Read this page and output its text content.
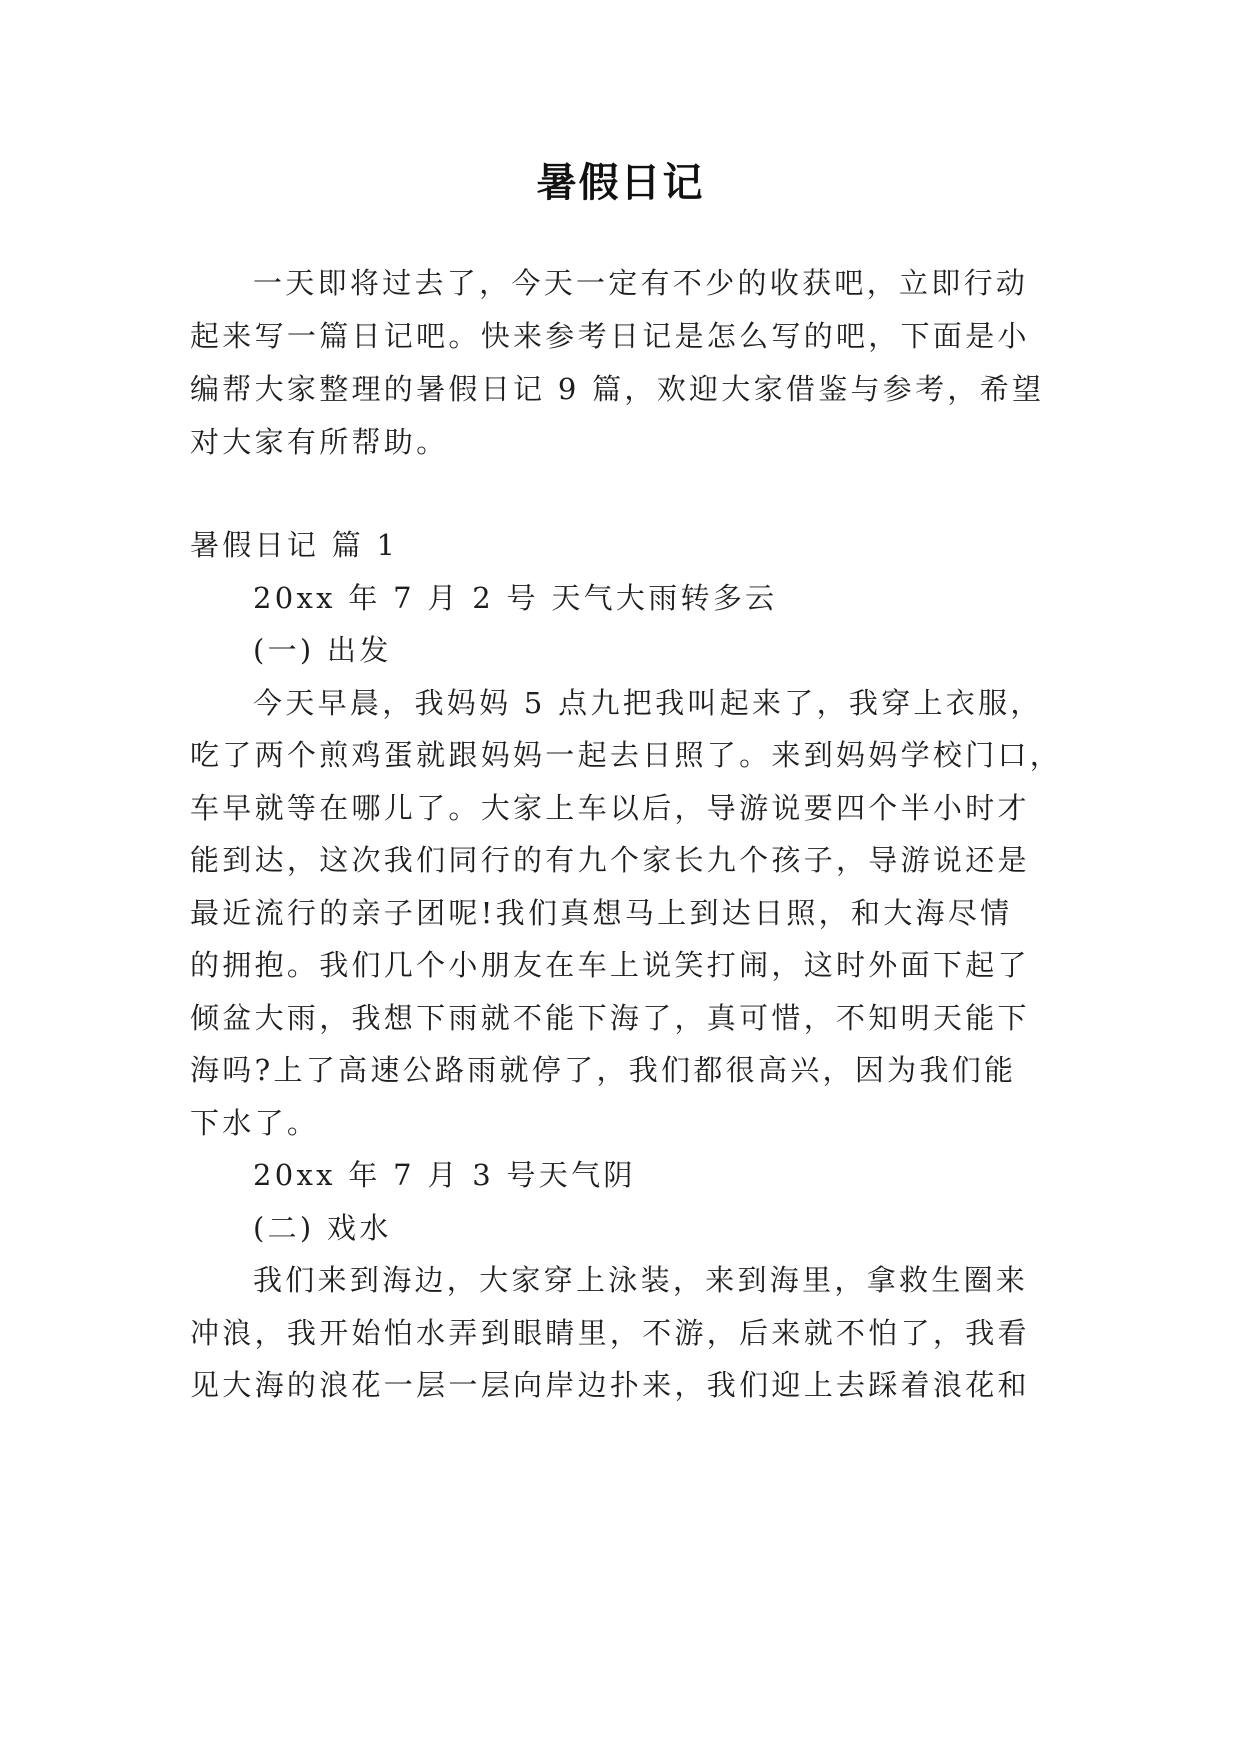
暑假日记
一天即将过去了，今天一定有不少的收获吧，立即行动
起来写一篇日记吧。快来参考日记是怎么写的吧，下面是小
编帮大家整理的暑假日记 9 篇，欢迎大家借鉴与参考，希望
对大家有所帮助。
暑假日记 篇 1
20xx 年 7 月 2 号 天气大雨转多云
(一) 出发
今天早晨，我妈妈 5 点九把我叫起来了，我穿上衣服，
吃了两个煎鸡蛋就跟妈妈一起去日照了。来到妈妈学校门口，
车早就等在哪儿了。大家上车以后，导游说要四个半小时才
能到达，这次我们同行的有九个家长九个孩子，导游说还是
最近流行的亲子团呢!我们真想马上到达日照，和大海尽情
的拥抱。我们几个小朋友在车上说笑打闹，这时外面下起了
倾盆大雨，我想下雨就不能下海了，真可惜，不知明天能下
海吗?上了高速公路雨就停了，我们都很高兴，因为我们能
下水了。
20xx 年 7 月 3 号天气阴
(二) 戏水
我们来到海边，大家穿上泳装，来到海里，拿救生圈来
冲浪，我开始怕水弄到眼睛里，不游，后来就不怕了，我看
见大海的浪花一层一层向岸边扑来，我们迎上去踩着浪花和
